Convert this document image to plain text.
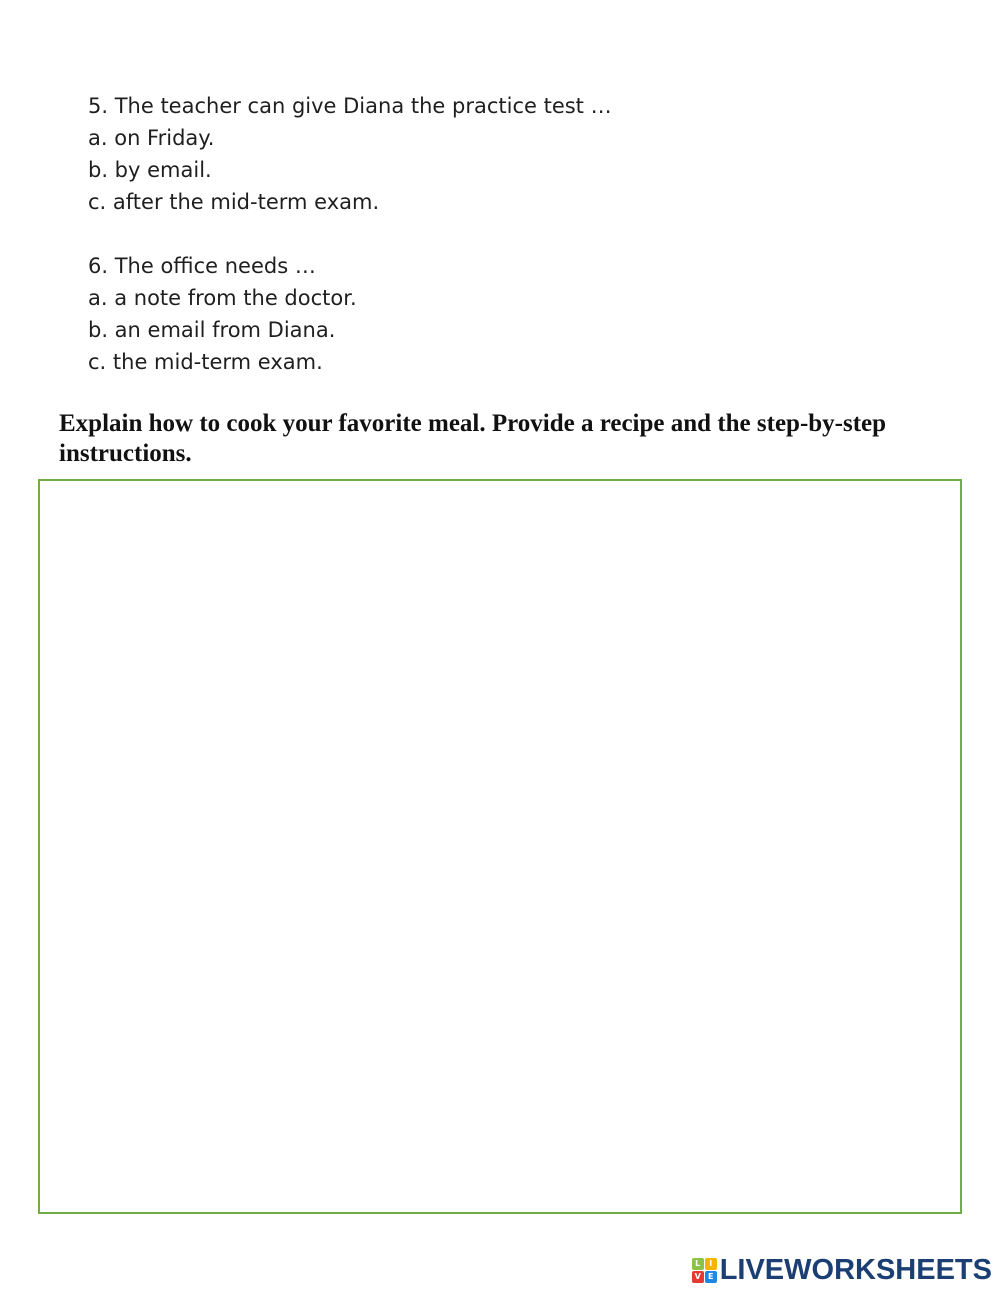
5. The teacher can give Diana the practice test …
a. on Friday.
b. by email.
c. after the mid-term exam.
6. The office needs …
a. a note from the doctor.
b. an email from Diana.
c. the mid-term exam.
Explain how to cook your favorite meal. Provide a recipe and the step-by-step instructions.
L	I
V E LIVEWORKSHEETS
